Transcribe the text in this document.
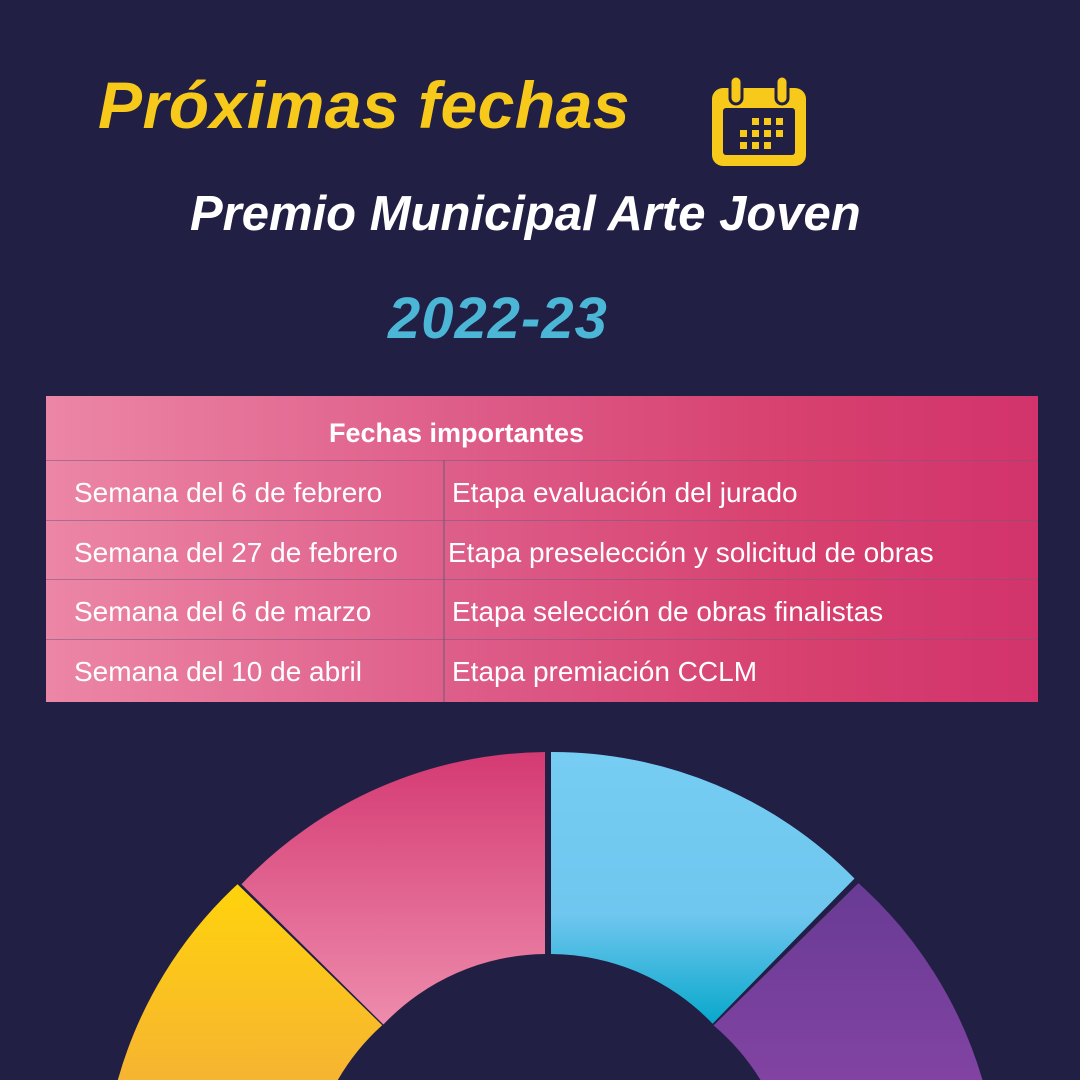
Próximas fechas
Premio Municipal Arte Joven
2022-23
Fechas importantes
Semana del 6 de febrero Etapa evaluación del jurado
Semana del 27 de febrero Etapa preselección y solicitud de obras
Semana del 6 de marzo	Etapa selección de obras finalistas
Semana del 10 de abril	Etapa premiación CCLM
